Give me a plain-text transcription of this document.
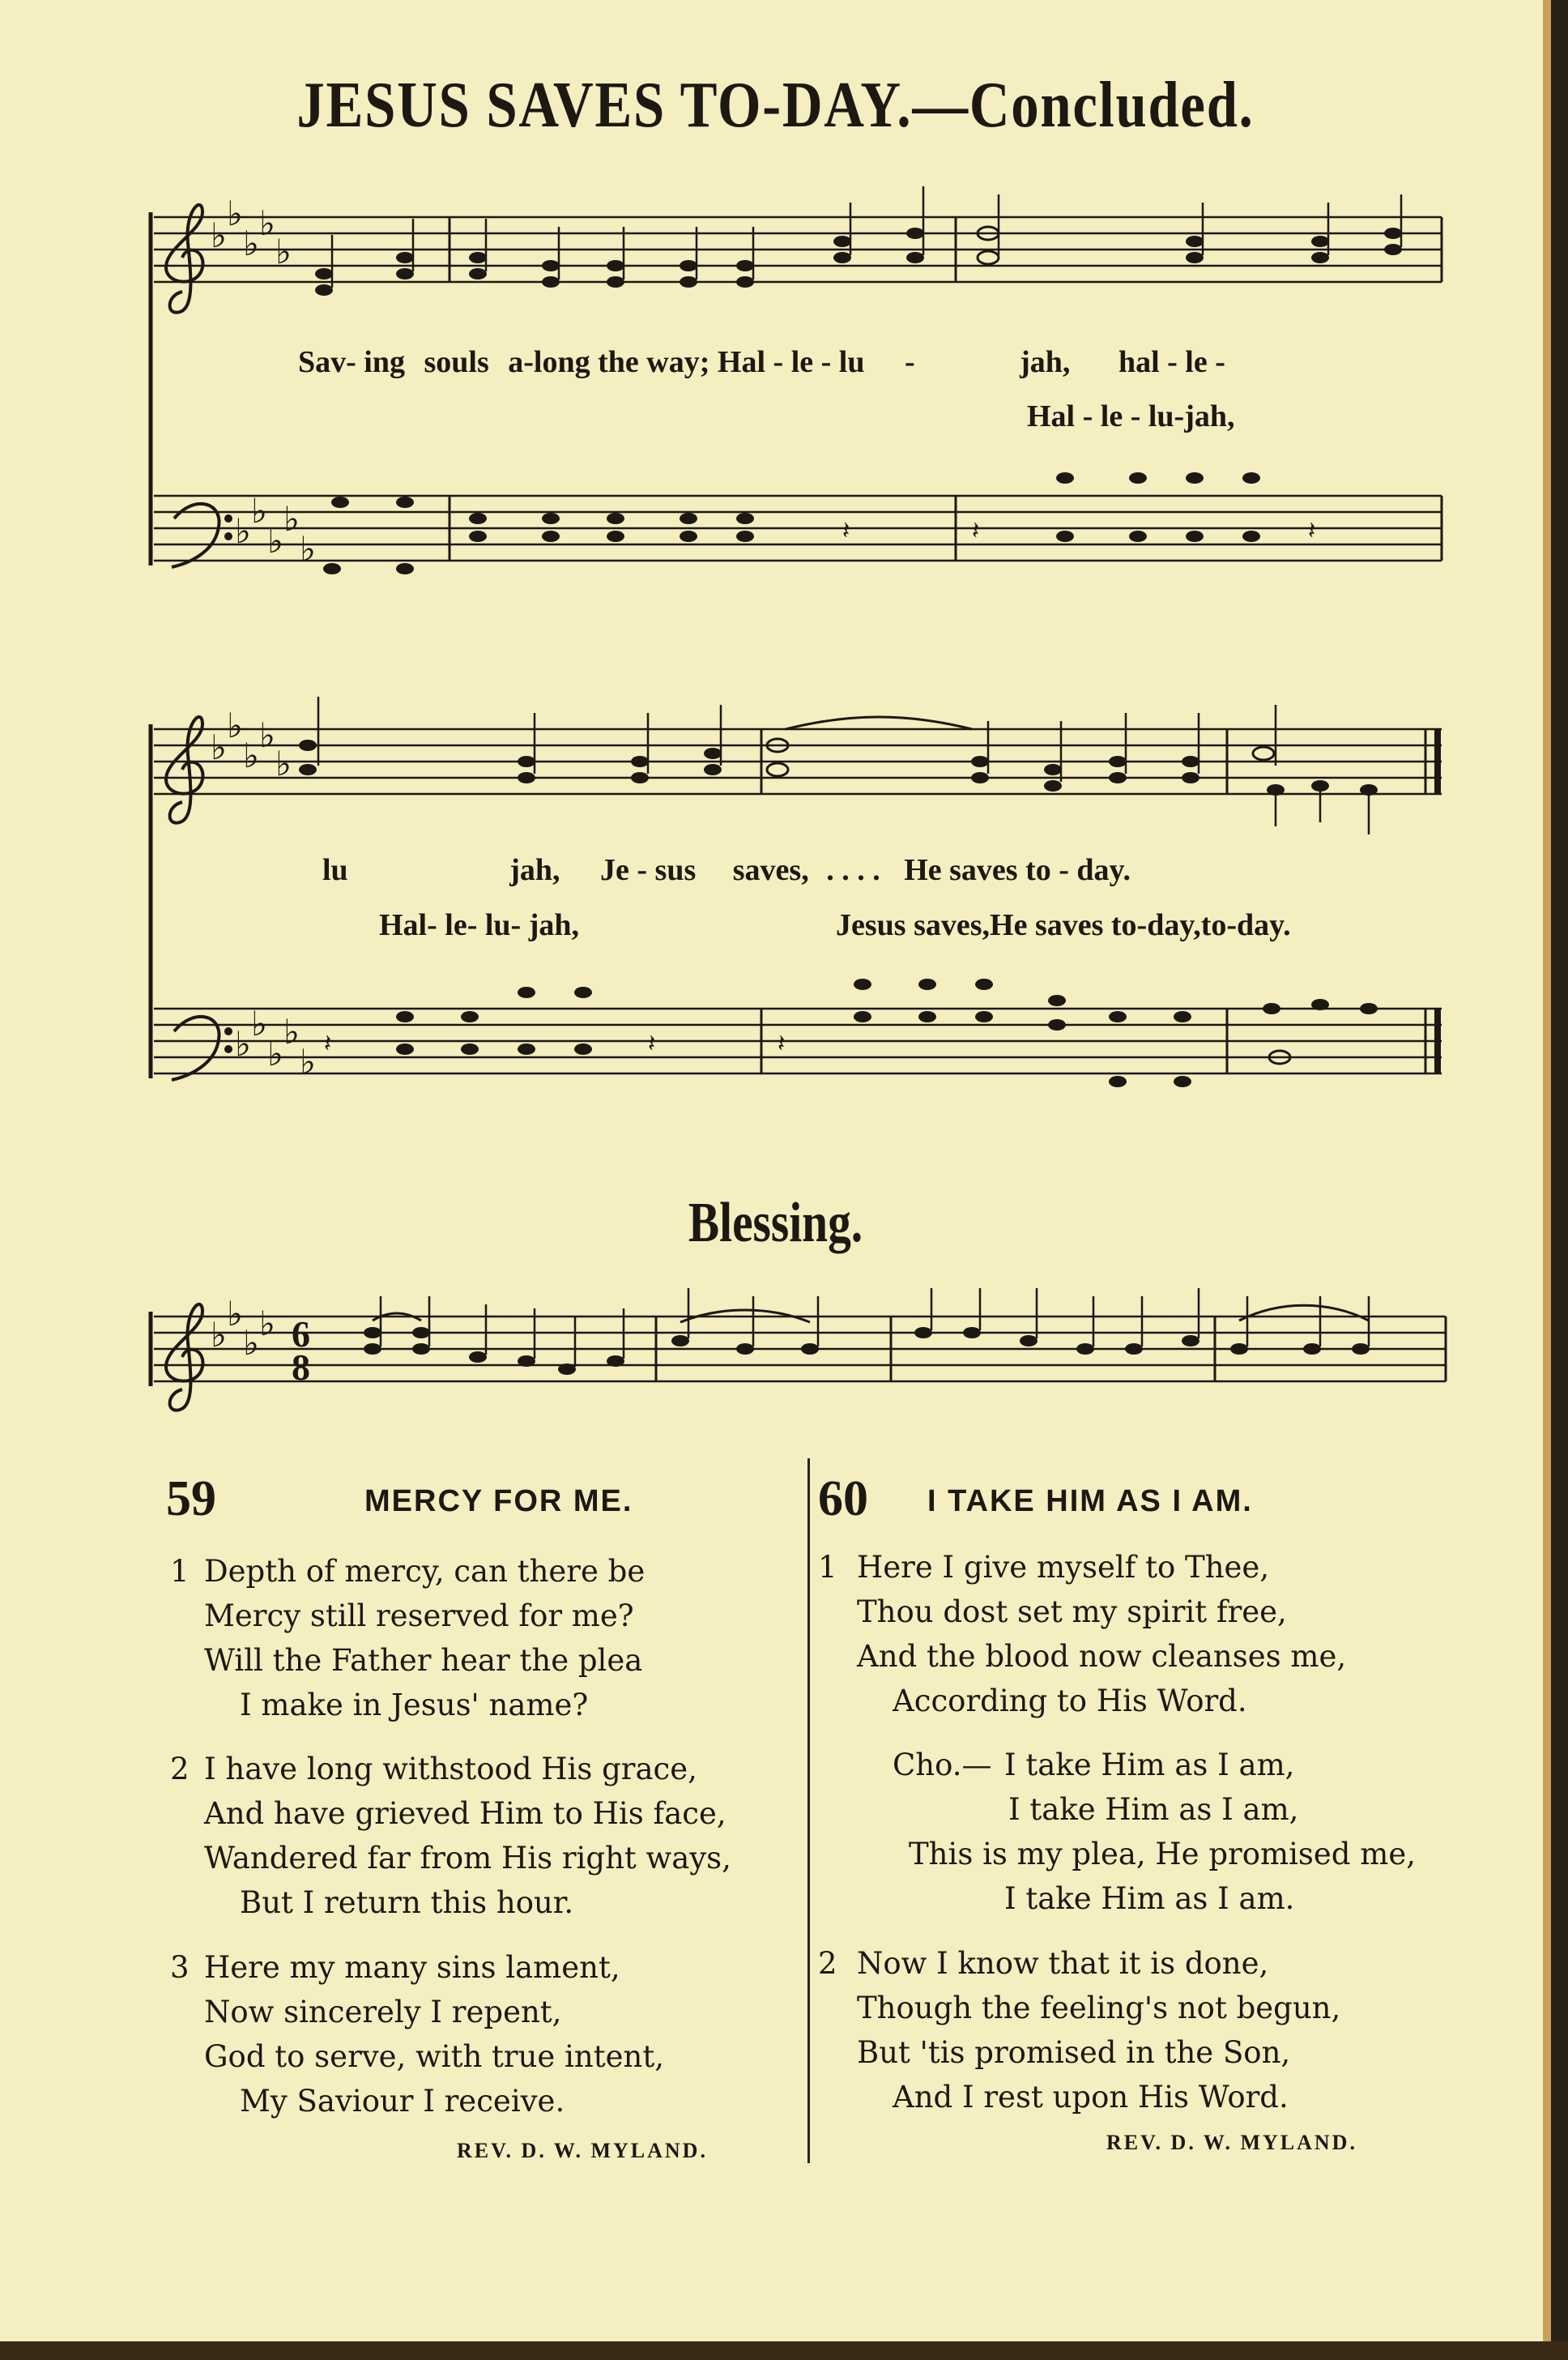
JESUS SAVES TO-DAY.—Concluded.
♭
♭
♭
♭
♭
♭
♭
♭
♭
♭
♭
♭
♭
♭
♭
♭
♭
♭
♭
♭
♭
♭
♭ ♭ 6
8
𝄽	𝄽	𝄽
𝄽	𝄽	𝄽
Sav- ing souls a-long the way; Hal - le - lu -	jah, hal - le -
Hal - le - lu-jah,
lu	jah, Je - sus saves, . . . . He saves to - day.
Hal- le- lu- jah,	Jesus saves,He saves to-day,to-day.
Blessing.
59	MERCY FOR ME.
1 Depth of mercy, can there be
Mercy still reserved for me?
Will the Father hear the plea
I make in Jesus' name?
2 I have long withstood His grace,
And have grieved Him to His face,
Wandered far from His right ways,
But I return this hour.
3 Here my many sins lament,
Now sincerely I repent,
God to serve, with true intent,
My Saviour I receive.
REV. D. W. MYLAND.
60 I TAKE HIM AS I AM.
1 Here I give myself to Thee,
Thou dost set my spirit free,
And the blood now cleanses me,
According to His Word.
Cho.— I take Him as I am,
I take Him as I am,
This is my plea, He promised me,
I take Him as I am.
2 Now I know that it is done,
Though the feeling's not begun,
But 'tis promised in the Son,
And I rest upon His Word.
REV. D. W. MYLAND.
